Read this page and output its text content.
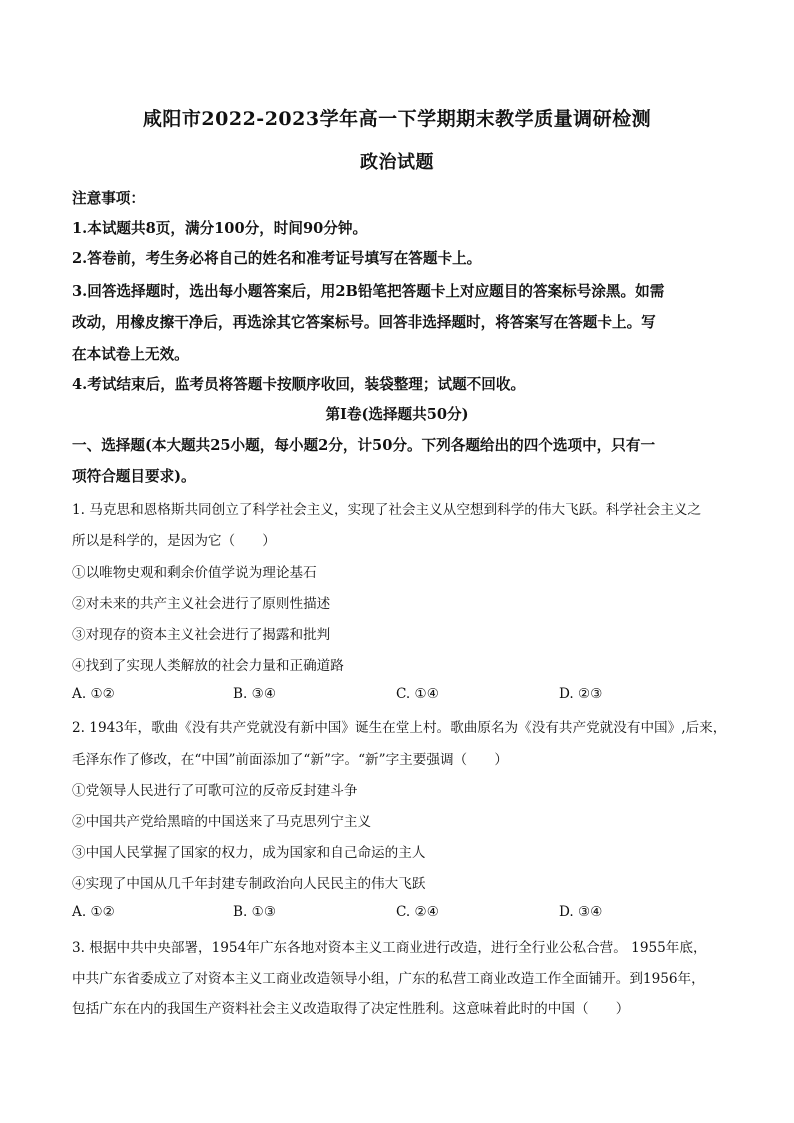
咸阳市2022-2023学年高一下学期期末教学质量调研检测
政治试题
注意事项：
1.本试题共8页，满分100分，时间90分钟。
2.答卷前，考生务必将自己的姓名和准考证号填写在答题卡上。
3.回答选择题时，选出每小题答案后，用2B铅笔把答题卡上对应题目的答案标号涂黑。如需
改动，用橡皮擦干净后，再选涂其它答案标号。回答非选择题时，将答案写在答题卡上。写
在本试卷上无效。
4.考试结束后，监考员将答题卡按顺序收回，装袋整理；试题不回收。
第Ⅰ卷(选择题共50分)
一、选择题(本大题共25小题，每小题2分，计50分。下列各题给出的四个选项中，只有一
项符合题目要求)。
1. 马克思和恩格斯共同创立了科学社会主义，实现了社会主义从空想到科学的伟大飞跃。科学社会主义之
所以是科学的，是因为它（　　）
①以唯物史观和剩余价值学说为理论基石
②对未来的共产主义社会进行了原则性描述
③对现存的资本主义社会进行了揭露和批判
④找到了实现人类解放的社会力量和正确道路
A. ①②	B. ③④	C. ①④	D. ②③
2. 1943年，歌曲《没有共产党就没有新中国》诞生在堂上村。歌曲原名为《没有共产党就没有中国》,后来，
毛泽东作了修改，在“中国”前面添加了“新”字。“新”字主要强调（　　）
①党领导人民进行了可歌可泣的反帝反封建斗争
②中国共产党给黑暗的中国送来了马克思列宁主义
③中国人民掌握了国家的权力，成为国家和自己命运的主人
④实现了中国从几千年封建专制政治向人民民主的伟大飞跃
A. ①②	B. ①③	C. ②④	D. ③④
3. 根据中共中央部署，1954年广东各地对资本主义工商业进行改造，进行全行业公私合营。 1955年底，
中共广东省委成立了对资本主义工商业改造领导小组，广东的私营工商业改造工作全面铺开。到1956年，
包括广东在内的我国生产资料社会主义改造取得了决定性胜利。这意味着此时的中国（　　）
